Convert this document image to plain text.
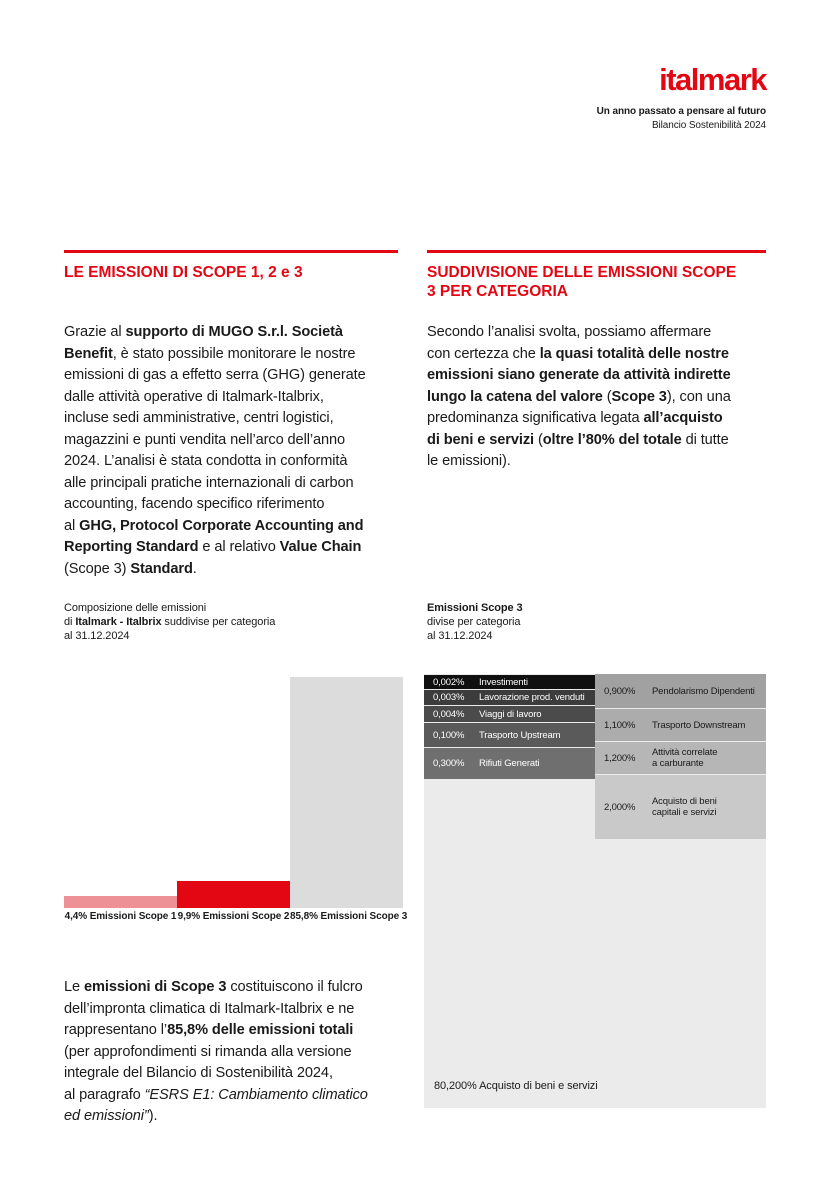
italmark
Un anno passato a pensare al futuro
Bilancio Sostenibilità 2024
LE EMISSIONI DI SCOPE 1, 2 e 3	SUDDIVISIONE DELLE EMISSIONI SCOPE
3 PER CATEGORIA
Grazie al supporto di MUGO S.r.l. Società
Benefit, è stato possibile monitorare le nostre
emissioni di gas a effetto serra (GHG) generate
dalle attività operative di Italmark-Italbrix,
incluse sedi amministrative, centri logistici,
magazzini e punti vendita nell’arco dell’anno
2024. L’analisi è stata condotta in conformità
alle principali pratiche internazionali di carbon
accounting, facendo specifico riferimento
al GHG, Protocol Corporate Accounting and
Reporting Standard e al relativo Value Chain
(Scope 3) Standard.
Secondo l’analisi svolta, possiamo affermare
con certezza che la quasi totalità delle nostre
emissioni siano generate da attività indirette
lungo la catena del valore (Scope 3), con una
predominanza significativa legata all’acquisto
di beni e servizi (oltre l’80% del totale di tutte
le emissioni).
Composizione delle emissioni
di Italmark - Italbrix suddivise per categoria
al 31.12.2024
Emissioni Scope 3
divise per categoria
al 31.12.2024
4,4% Emissioni Scope 1 9,9% Emissioni Scope 2 85,8% Emissioni Scope 3
0,002%	Investimenti
0,003%	Lavorazione prod. venduti
0,004%	Viaggi di lavoro
0,100%	Trasporto Upstream
0,300%	Rifiuti Generati
0,900%	Pendolarismo Dipendenti
1,100%	Trasporto Downstream
1,200%	Attività correlate
a carburante
2,000%	Acquisto di beni
capitali e servizi
80,200% Acquisto di beni e servizi
Le emissioni di Scope 3 costituiscono il fulcro
dell’impronta climatica di Italmark-Italbrix e ne
rappresentano l’85,8% delle emissioni totali
(per approfondimenti si rimanda alla versione
integrale del Bilancio di Sostenibilità 2024,
al paragrafo “ESRS E1: Cambiamento climatico
ed emissioni”).
